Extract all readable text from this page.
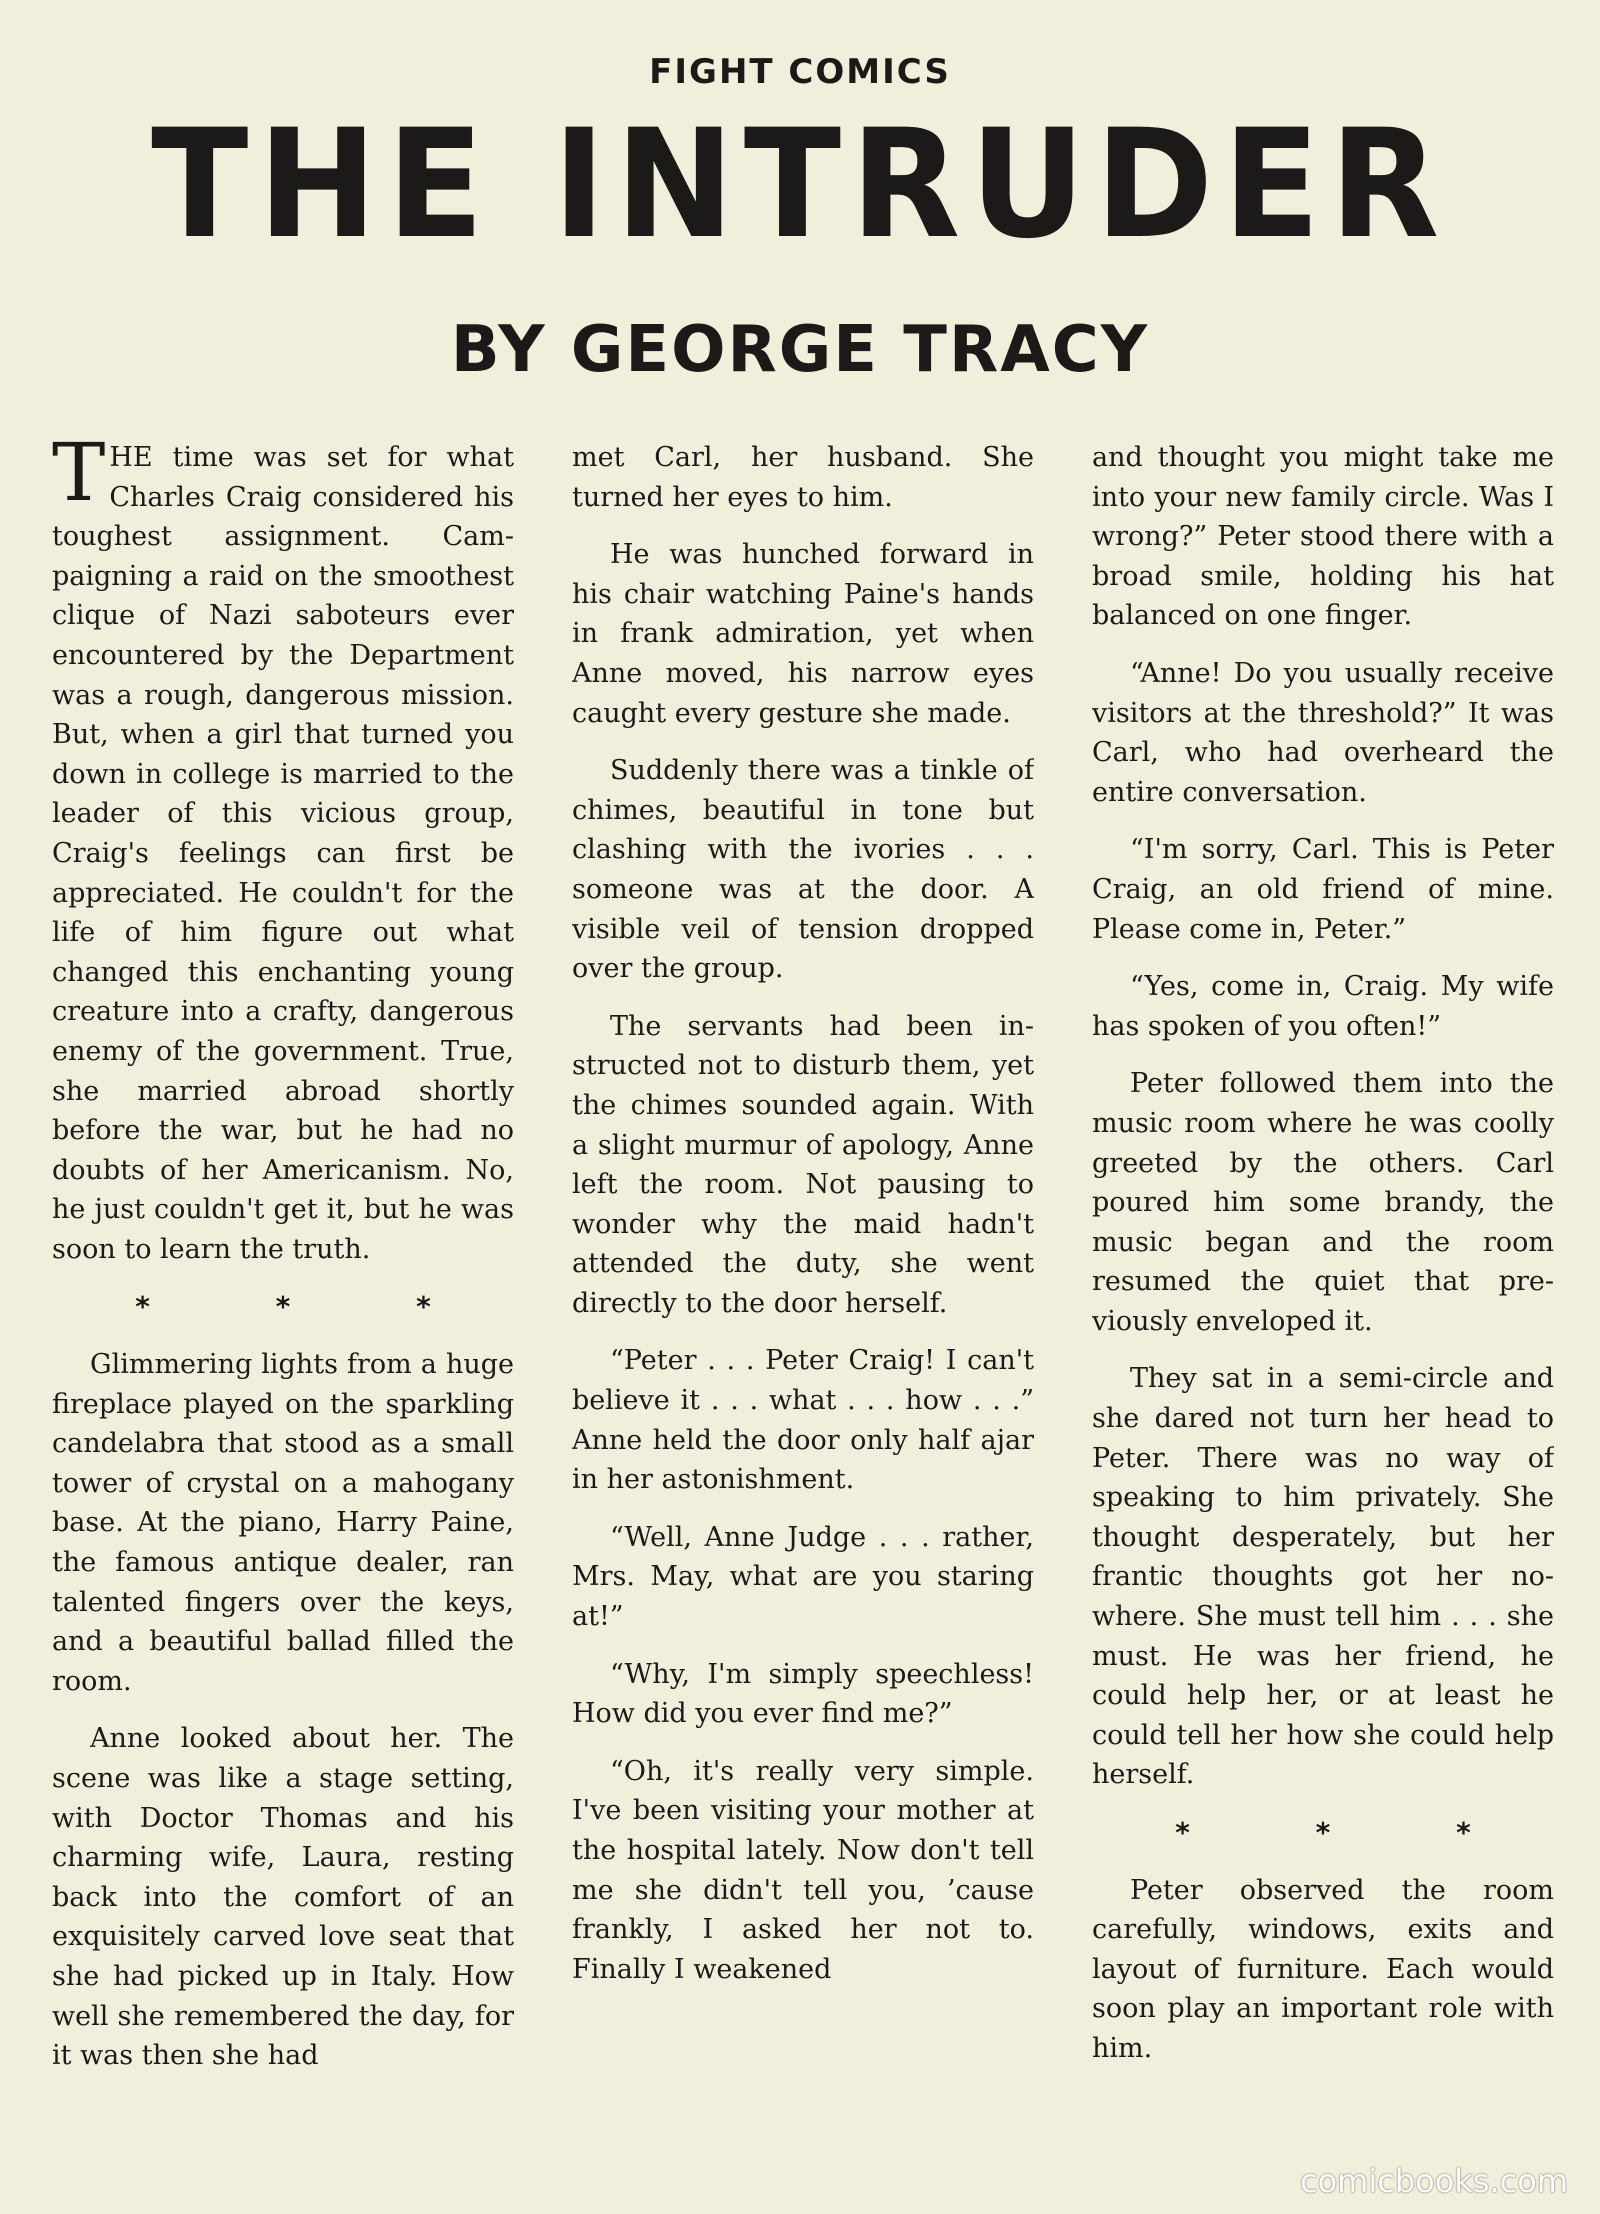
FIGHT COMICS
THE INTRUDER
BY GEORGE TRACY

THE time was set for what Charles Craig considered his toughest assignment. Campaigning a raid on the smoothest clique of Nazi saboteurs ever encountered by the Department was a rough, dangerous mission. But, when a girl that turned you down in college is married to the leader of this vicious group, Craig's feelings can first be appreciated. He couldn't for the life of him figure out what changed this enchanting young creature into a crafty, dangerous enemy of the government. True, she married abroad shortly before the war, but he had no doubts of her Americanism. No, he just couldn't get it, but he was soon to learn the truth.

* * *

Glimmering lights from a huge fireplace played on the sparkling candelabra that stood as a small tower of crystal on a mahogany base. At the piano, Harry Paine, the famous antique dealer, ran talented fingers over the keys, and a beautiful ballad filled the room.

Anne looked about her. The scene was like a stage setting, with Doctor Thomas and his charming wife, Laura, resting back into the comfort of an exquisitely carved love seat that she had picked up in Italy. How well she remembered the day, for it was then she had

met Carl, her husband. She turned her eyes to him.

He was hunched forward in his chair watching Paine's hands in frank admiration, yet when Anne moved, his narrow eyes caught every gesture she made.

Suddenly there was a tinkle of chimes, beautiful in tone but clashing with the ivories . . . someone was at the door. A visible veil of tension dropped over the group.

The servants had been instructed not to disturb them, yet the chimes sounded again. With a slight murmur of apology, Anne left the room. Not pausing to wonder why the maid hadn't attended the duty, she went directly to the door herself.

“Peter . . . Peter Craig! I can't believe it . . . what . . . how . . .” Anne held the door only half ajar in her astonishment.

“Well, Anne Judge . . . rather, Mrs. May, what are you staring at!”

“Why, I'm simply speechless! How did you ever find me?”

“Oh, it's really very simple. I've been visiting your mother at the hospital lately. Now don't tell me she didn't tell you, ’cause frankly, I asked her not to. Finally I weakened

and thought you might take me into your new family circle. Was I wrong?” Peter stood there with a broad smile, holding his hat balanced on one finger.

“Anne! Do you usually receive visitors at the threshold?” It was Carl, who had overheard the entire conversation.

“I'm sorry, Carl. This is Peter Craig, an old friend of mine. Please come in, Peter.”

“Yes, come in, Craig. My wife has spoken of you often!”

Peter followed them into the music room where he was coolly greeted by the others. Carl poured him some brandy, the music began and the room resumed the quiet that previously enveloped it.

They sat in a semi-circle and she dared not turn her head to Peter. There was no way of speaking to him privately. She thought desperately, but her frantic thoughts got her nowhere. She must tell him . . . she must. He was her friend, he could help her, or at least he could tell her how she could help herself.

* * *

Peter observed the room carefully, windows, exits and layout of furniture. Each would soon play an important role with him.

comicbooks.com
